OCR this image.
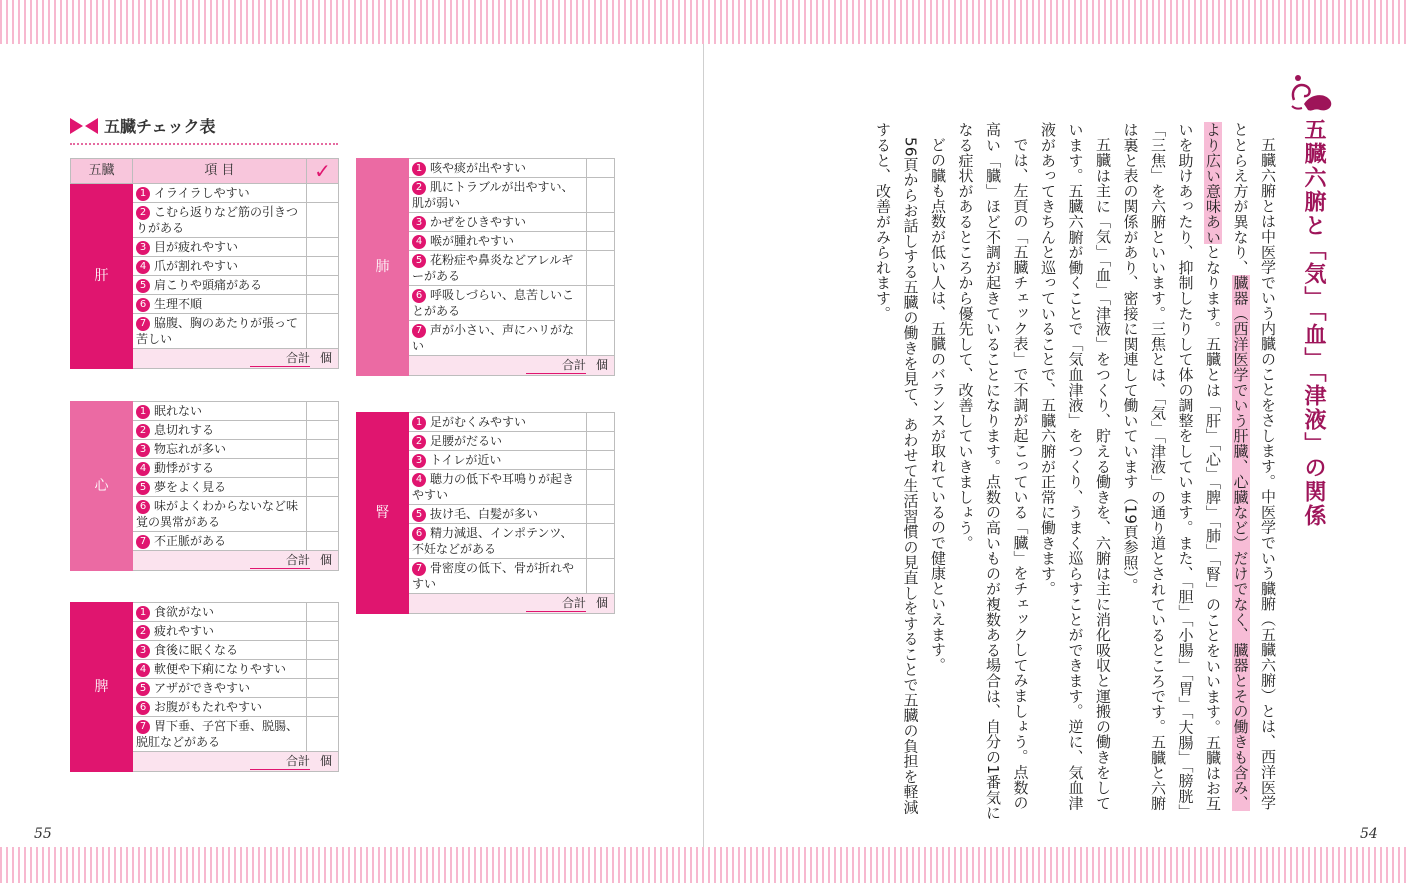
五臓チェック表
五臓	項 目	✓
肝	1 イライラしやすい	
	2 こむら返りなど筋の引きつりがある	
	3 目が疲れやすい	
	4 爪が割れやすい	
	5 肩こりや頭痛がある	
	6 生理不順	
	7 脇腹、胸のあたりが張って苦しい	
	合計 個	
心	1 眠れない	
	2 息切れする	
	3 物忘れが多い	
	4 動悸がする	
	5 夢をよく見る	
	6 味がよくわからないなど味覚の異常がある	
	7 不正脈がある	
	合計 個	
脾	1 食欲がない	
	2 疲れやすい	
	3 食後に眠くなる	
	4 軟便や下痢になりやすい	
	5 アザができやすい	
	6 お腹がもたれやすい	
	7 胃下垂、子宮下垂、脱腸、脱肛などがある	
	合計 個	
肺	1 咳や痰が出やすい	
	2 肌にトラブルが出やすい、肌が弱い	
	3 かぜをひきやすい	
	4 喉が腫れやすい	
	5 花粉症や鼻炎などアレルギーがある	
	6 呼吸しづらい、息苦しいことがある	
	7 声が小さい、声にハリがない	
	合計 個	
腎	1 足がむくみやすい	
	2 足腰がだるい	
	3 トイレが近い	
	4 聴力の低下や耳鳴りが起きやすい	
	5 抜け毛、白髪が多い	
	6 精力減退、インポテンツ、不妊などがある	
	7 骨密度の低下、骨が折れやすい	
	合計 個	
55
五臓六腑と「気」「血」「津液」の関係

五臓六腑とは中医学でいう内臓のことをさします。中医学でいう臓腑（五臓六腑）とは、西洋医学ととらえ方が異なり、臓器（西洋医学でいう肝臓、心臓など）だけでなく、臓器とその働きも含み、より広い意味あいとなります。五臓とは「肝」「心」「脾」「肺」「腎」のことをいいます。五臓はお互いを助けあったり、抑制したりして体の調整をしています。また、「胆」「小腸」「胃」「大腸」「膀胱」「三焦」を六腑といいます。三焦とは、「気」「津液」の通り道とされているところです。五臓と六腑は裏と表の関係があり、密接に関連して働いています（19頁参照）。

五臓は主に「気」「血」「津液」をつくり、貯える働きを、六腑は主に消化吸収と運搬の働きをしています。五臓六腑が働くことで「気血津液」をつくり、うまく巡らすことができます。逆に、気血津液があってきちんと巡っていることで、五臓六腑が正常に働きます。

では、左頁の「五臓チェック表」で不調が起こっている「臓」をチェックしてみましょう。点数の高い「臓」ほど不調が起きていることになります。点数の高いものが複数ある場合は、自分の1番気になる症状があるところから優先して、改善していきましょう。

どの臓も点数が低い人は、五臓のバランスが取れているので健康といえます。

56頁からお話しする五臓の働きを見て、あわせて生活習慣の見直しをすることで五臓の負担を軽減すると、改善がみられます。

54
